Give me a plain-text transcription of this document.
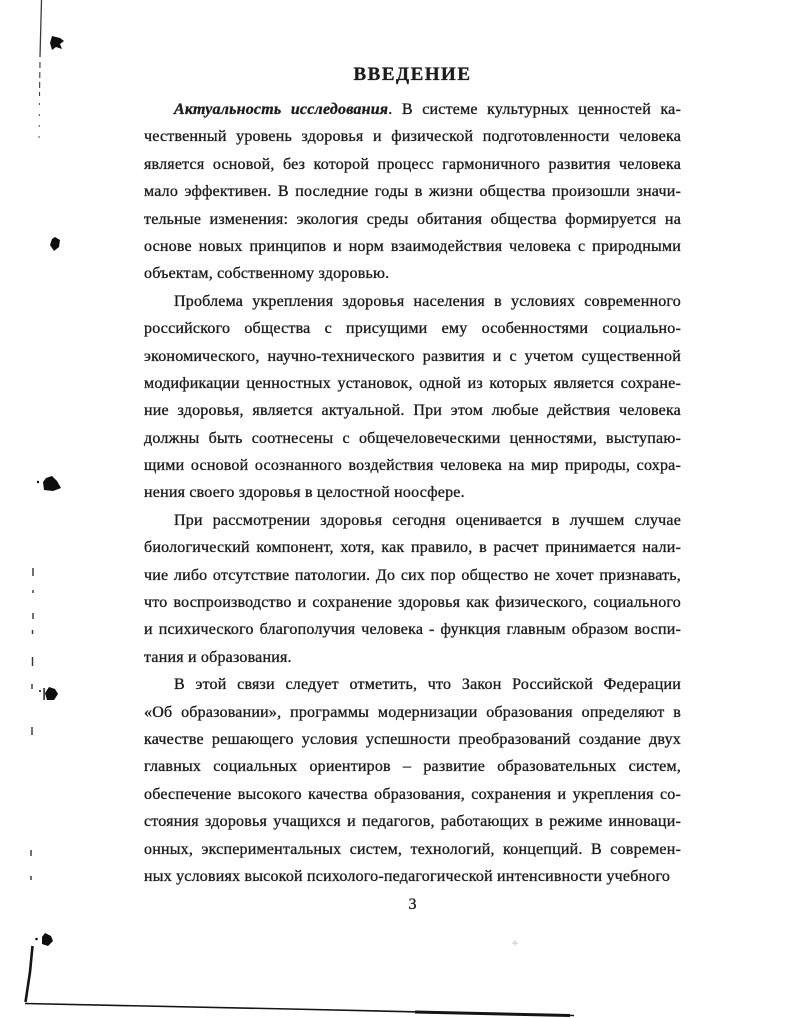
ВВЕДЕНИЕ
Актуальность исследования. В системе культурных ценностей ка-
чественный уровень здоровья и физической подготовленности человека
является основой, без которой процесс гармоничного развития человека
мало эффективен. В последние годы в жизни общества произошли значи-
тельные изменения: экология среды обитания общества формируется на
основе новых принципов и норм взаимодействия человека с природными
объектам, собственному здоровью.
Проблема укрепления здоровья населения в условиях современного
российского общества с присущими ему особенностями социально-
экономического, научно-технического развития и с учетом существенной
модификации ценностных установок, одной из которых является сохране-
ние здоровья, является актуальной. При этом любые действия человека
должны быть соотнесены с общечеловеческими ценностями, выступаю-
щими основой осознанного воздействия человека на мир природы, сохра-
нения своего здоровья в целостной ноосфере.
При рассмотрении здоровья сегодня оценивается в лучшем случае
биологический компонент, хотя, как правило, в расчет принимается нали-
чие либо отсутствие патологии. До сих пор общество не хочет признавать,
что воспроизводство и сохранение здоровья как физического, социального
и психического благополучия человека - функция главным образом воспи-
тания и образования.
В этой связи следует отметить, что Закон Российской Федерации
«Об образовании», программы модернизации образования определяют в
качестве решающего условия успешности преобразований создание двух
главных социальных ориентиров – развитие образовательных систем,
обеспечение высокого качества образования, сохранения и укрепления со-
стояния здоровья учащихся и педагогов, работающих в режиме инноваци-
онных, экспериментальных систем, технологий, концепций. В современ-
ных условиях высокой психолого-педагогической интенсивности учебного
3
